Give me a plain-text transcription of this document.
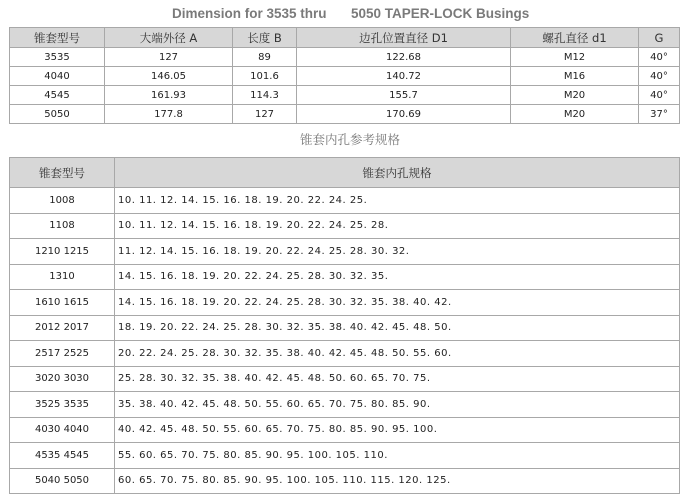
Dimension for 3535 thru 5050 TAPER-LOCK Busings
锥套型号	大端外径 A	长度 B	边孔位置直径 D1	螺孔直径 d1	G
3535	127	89	122.68	M12	40°
4040	146.05	101.6	140.72	M16	40°
4545	161.93	114.3	155.7	M20	40°
5050	177.8	127	170.69	M20	37°
锥套内孔参考规格
锥套型号	锥套内孔规格
1008	10. 11. 12. 14. 15. 16. 18. 19. 20. 22. 24. 25.
1108	10. 11. 12. 14. 15. 16. 18. 19. 20. 22. 24. 25. 28.
1210 1215	11. 12. 14. 15. 16. 18. 19. 20. 22. 24. 25. 28. 30. 32.
1310	14. 15. 16. 18. 19. 20. 22. 24. 25. 28. 30. 32. 35.
1610 1615	14. 15. 16. 18. 19. 20. 22. 24. 25. 28. 30. 32. 35. 38. 40. 42.
2012 2017	18. 19. 20. 22. 24. 25. 28. 30. 32. 35. 38. 40. 42. 45. 48. 50.
2517 2525	20. 22. 24. 25. 28. 30. 32. 35. 38. 40. 42. 45. 48. 50. 55. 60.
3020 3030	25. 28. 30. 32. 35. 38. 40. 42. 45. 48. 50. 60. 65. 70. 75.
3525 3535	35. 38. 40. 42. 45. 48. 50. 55. 60. 65. 70. 75. 80. 85. 90.
4030 4040	40. 42. 45. 48. 50. 55. 60. 65. 70. 75. 80. 85. 90. 95. 100.
4535 4545	55. 60. 65. 70. 75. 80. 85. 90. 95. 100. 105. 110.
5040 5050	60. 65. 70. 75. 80. 85. 90. 95. 100. 105. 110. 115. 120. 125.
